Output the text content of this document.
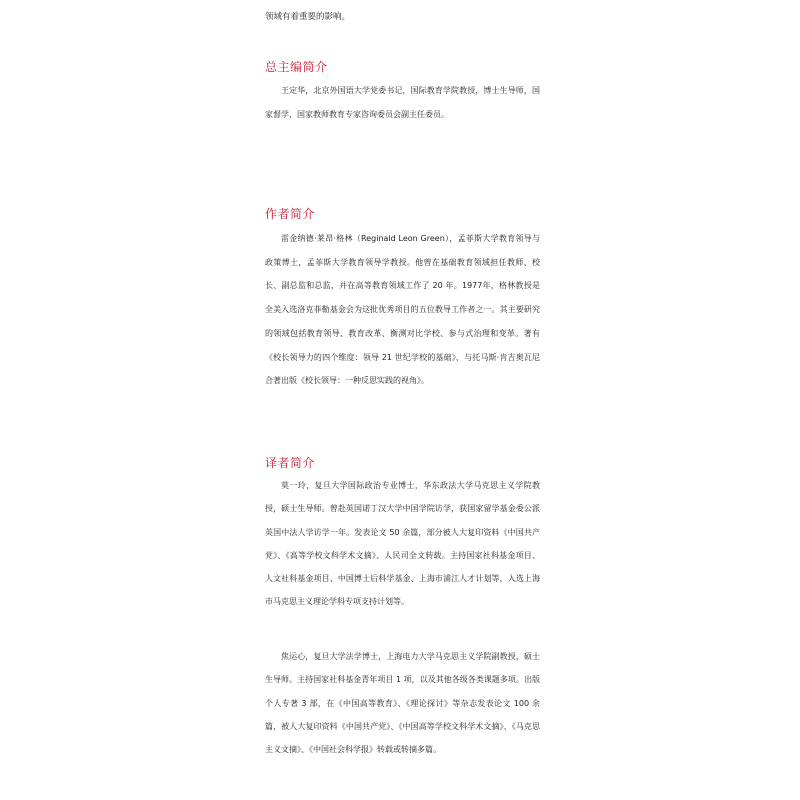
领域有着重要的影响。

总主编简介

王定华，北京外国语大学党委书记，国际教育学院教授，博士生导师，国家督学，国家教师教育专家咨询委员会副主任委员。

作者简介

雷金纳德·莱昂·格林（Reginald Leon Green），孟菲斯大学教育领导与政策博士，孟菲斯大学教育领导学教授。他曾在基础教育领域担任教师、校长、副总监和总监，并在高等教育领域工作了 20 年。1977年，格林教授是全美入选洛克菲勒基金会为这批优秀项目的五位教导工作者之一。其主要研究的领域包括教育领导、教育改革、衡测对比学校、参与式治理和变革。著有《校长领导力的四个维度：领导 21 世纪学校的基础》，与托马斯·肯吉奥瓦尼合著出版《校长领导：一种反思实践的视角》。

译者简介

莫一玲，复旦大学国际政治专业博士，华东政法大学马克思主义学院教授，硕士生导师。曾赴英国诺丁汉大学中国学院访学，获国家留学基金委公派英国中法人学访学一年。发表论文 50 余篇，部分被人大复印资料《中国共产党》、《高等学校文科学术文摘》、人民司全文转载。主持国家社科基金项目、人文社科基金项目、中国博士后科学基金、上海市浦江人才计划等，入选上海市马克思主义理论学科专项支持计划等。

焦运心，复旦大学法学博士，上海电力大学马克思主义学院副教授，硕士生导师。主持国家社科基金青年项目 1 项，以及其他各级各类课题多项。出版个人专著 3 部，在《中国高等教育》、《理论探讨》等杂志发表论文 100 余篇，被人大复印资料《中国共产党》、《中国高等学校文科学术文摘》、《马克思主义文摘》、《中国社会科学报》转载或转摘多篇。
